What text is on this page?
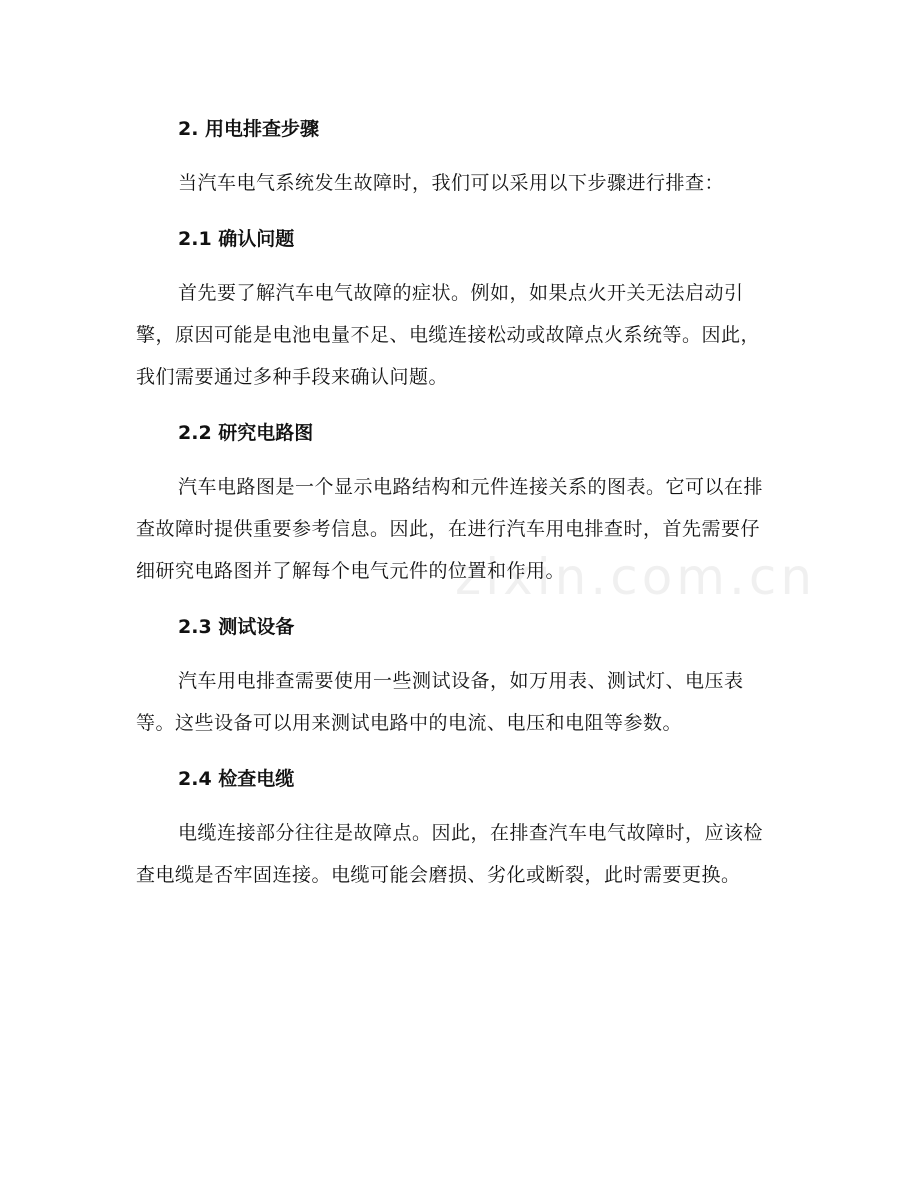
zixin.com.cn

2. 用电排查步骤

当汽车电气系统发生故障时，我们可以采用以下步骤进行排查：

2.1 确认问题

首先要了解汽车电气故障的症状。例如，如果点火开关无法启动引擎，原因可能是电池电量不足、电缆连接松动或故障点火系统等。因此，我们需要通过多种手段来确认问题。

2.2 研究电路图

汽车电路图是一个显示电路结构和元件连接关系的图表。它可以在排查故障时提供重要参考信息。因此，在进行汽车用电排查时，首先需要仔细研究电路图并了解每个电气元件的位置和作用。

2.3 测试设备

汽车用电排查需要使用一些测试设备，如万用表、测试灯、电压表等。这些设备可以用来测试电路中的电流、电压和电阻等参数。

2.4 检查电缆

电缆连接部分往往是故障点。因此，在排查汽车电气故障时，应该检查电缆是否牢固连接。电缆可能会磨损、劣化或断裂，此时需要更换。
